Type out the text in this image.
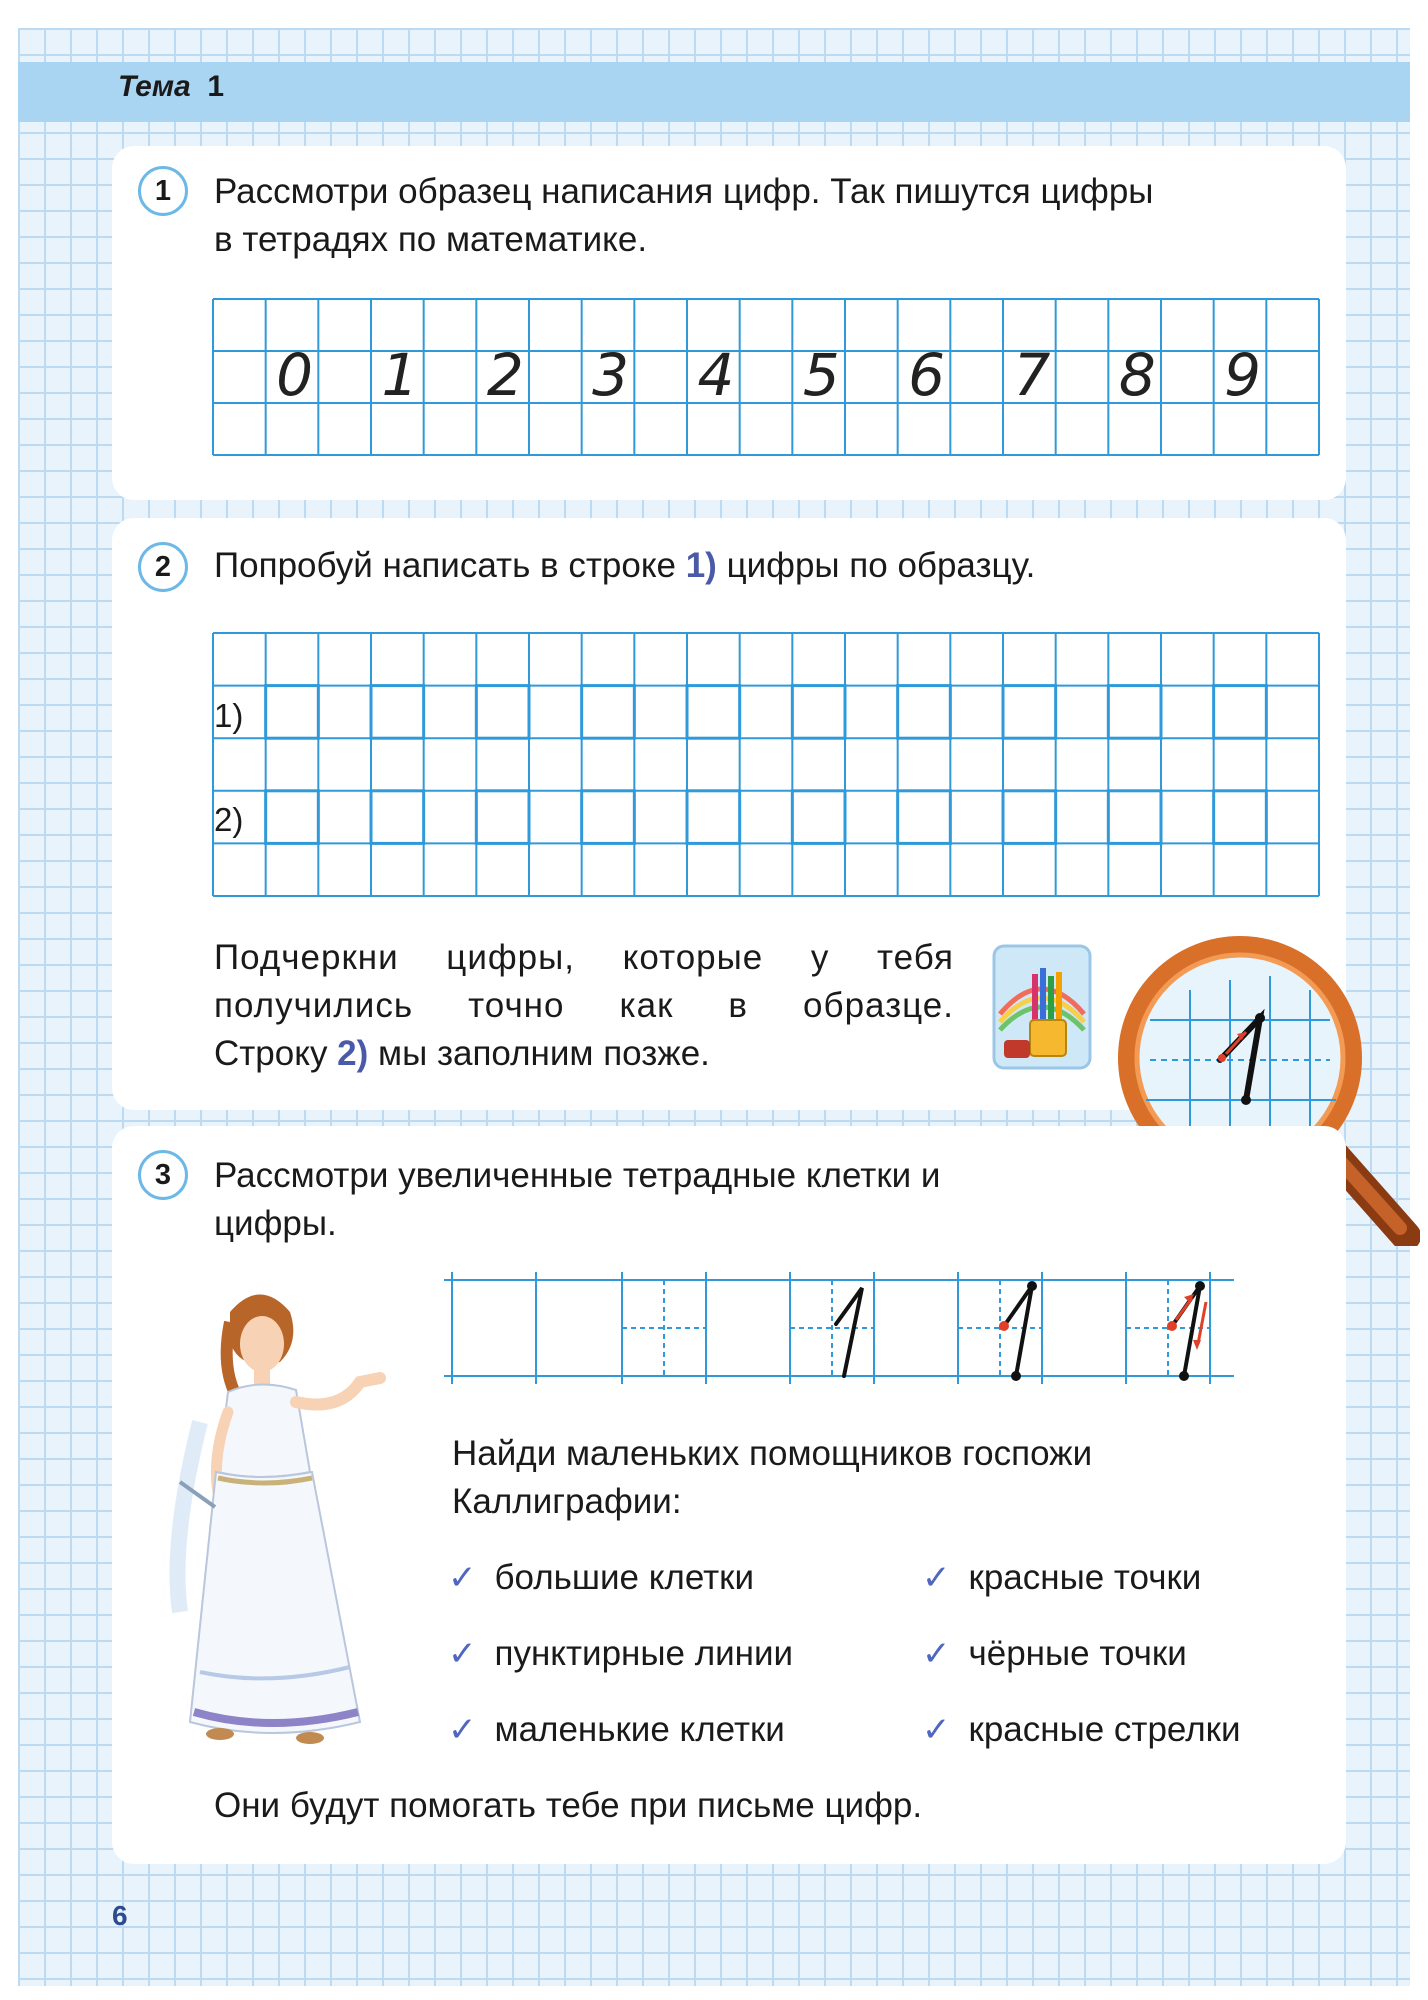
Тема 1
1	Рассмотри образец написания цифр. Так пишутся цифры
в тетрадях по математике.
0 1 2 3 4 5 6 7 8 9
2	Попробуй написать в строке 1) цифры по образцу.
1)
2)
Подчеркни цифры, которые у тебя
получились точно как в образце.
Строку 2) мы заполним позже.
3	Рассмотри увеличенные тетрадные клетки и
цифры.
Найди маленьких помощников госпожи
Каллиграфии:
✓ большие клетки
✓ пунктирные линии
✓ маленькие клетки
✓ красные точки
✓ чёрные точки
✓ красные стрелки
Они будут помогать тебе при письме цифр.
6
